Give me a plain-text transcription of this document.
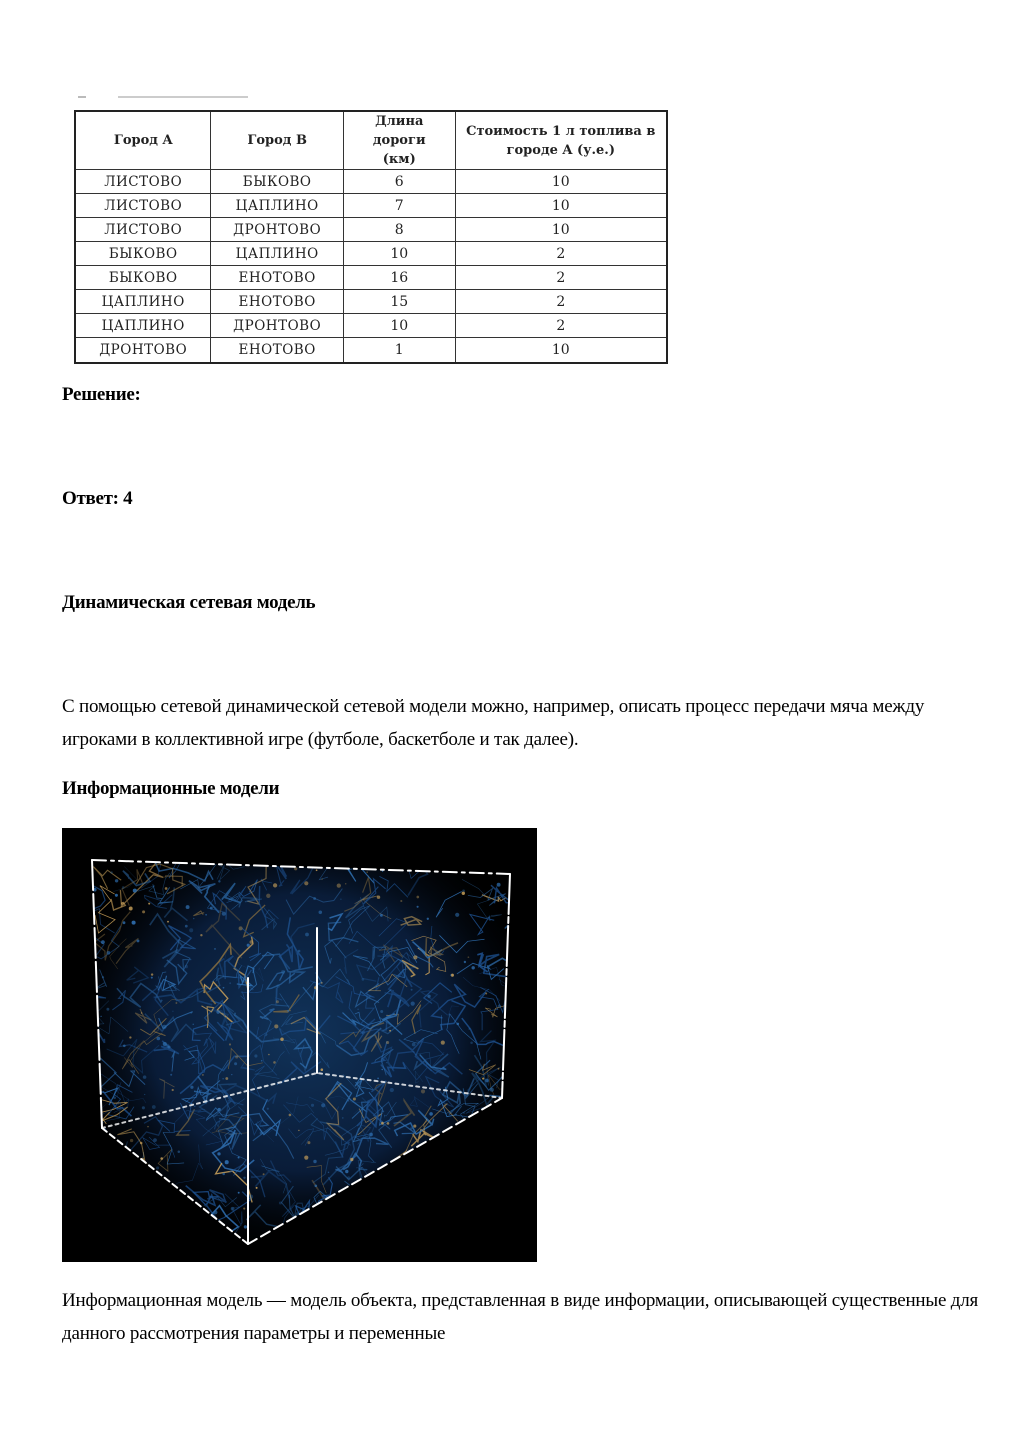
Город A	Город B	Длина дороги (км)	Стоимость 1 л топлива в городе A (у.е.)
ЛИСТОВО	БЫКОВО	6	10
ЛИСТОВО	ЦАПЛИНО	7	10
ЛИСТОВО	ДРОНТОВО	8	10
БЫКОВО	ЦАПЛИНО	10	2
БЫКОВО	ЕНОТОВО	16	2
ЦАПЛИНО	ЕНОТОВО	15	2
ЦАПЛИНО	ДРОНТОВО	10	2
ДРОНТОВО	ЕНОТОВО	1	10

Решение:

Ответ: 4

Динамическая сетевая модель

С помощью сетевой динамической сетевой модели можно, например, описать процесс передачи мяча между игроками в коллективной игре (футболе, баскетболе и так далее).

Информационные модели

Информационная модель — модель объекта, представленная в виде информации, описывающей существенные для данного рассмотрения параметры и переменные
